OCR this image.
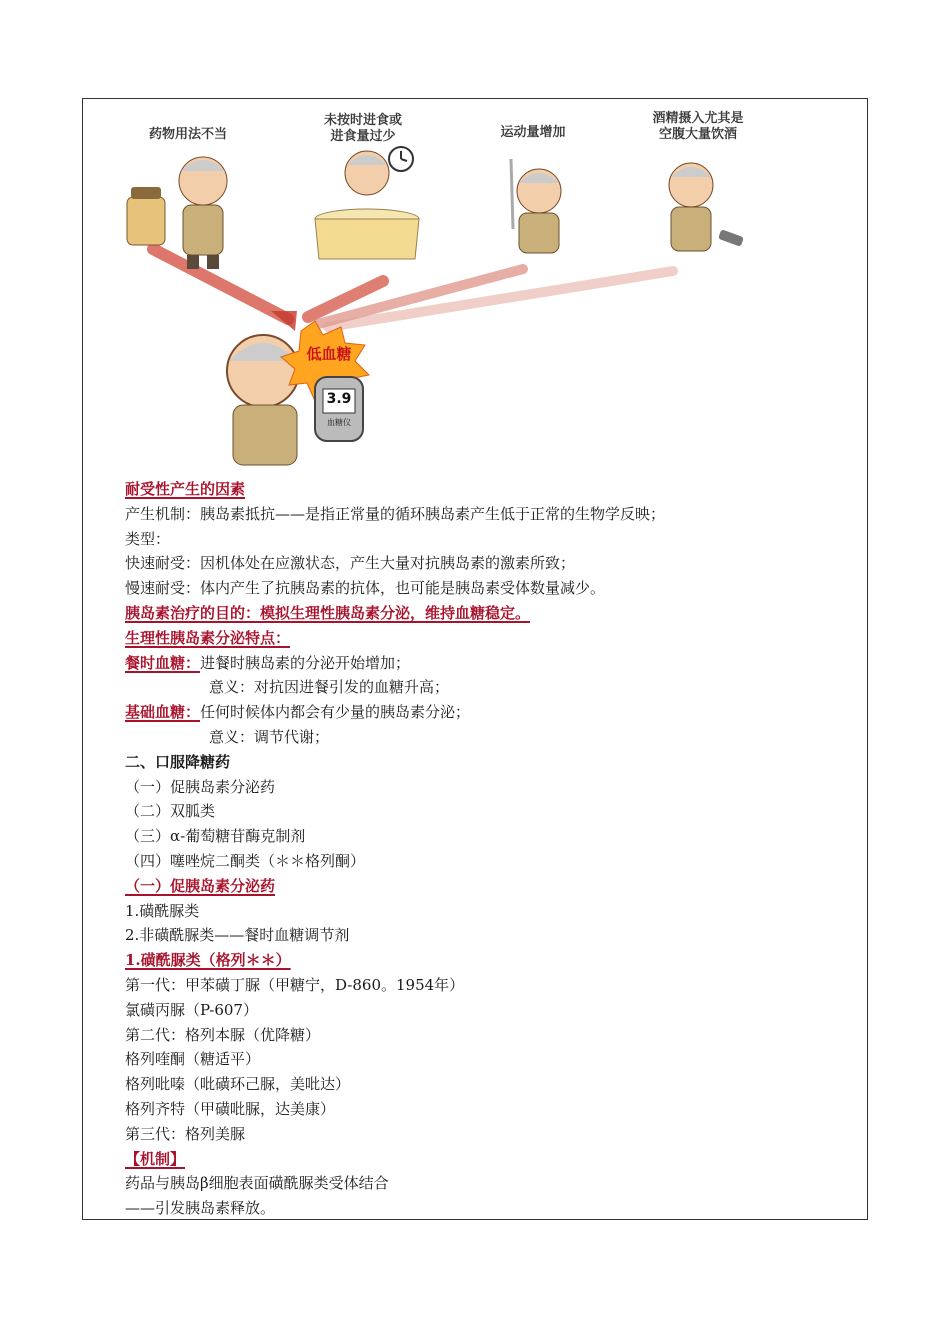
药物用法不当
未按时进食或
进食量过少	运动量增加
酒精摄入尤其是
空腹大量饮酒
低血糖
3.9
血糖仪
耐受性产生的因素
产生机制：胰岛素抵抗——是指正常量的循环胰岛素产生低于正常的生物学反映；
类型：
快速耐受：因机体处在应激状态，产生大量对抗胰岛素的激素所致；
慢速耐受：体内产生了抗胰岛素的抗体，也可能是胰岛素受体数量减少。
胰岛素治疗的目的：模拟生理性胰岛素分泌，维持血糖稳定。
生理性胰岛素分泌特点：
餐时血糖：进餐时胰岛素的分泌开始增加；
意义：对抗因进餐引发的血糖升高；
基础血糖：任何时候体内都会有少量的胰岛素分泌；
意义：调节代谢；
二、口服降糖药
（一）促胰岛素分泌药
（二）双胍类
（三）α-葡萄糖苷酶克制剂
（四）噻唑烷二酮类（＊＊格列酮）
（一）促胰岛素分泌药
1.磺酰脲类
2.非磺酰脲类——餐时血糖调节剂
1.磺酰脲类（格列＊＊）
第一代：甲苯磺丁脲（甲糖宁，D-860。1954年）
氯磺丙脲（P-607）
第二代：格列本脲（优降糖）
格列喹酮（糖适平）
格列吡嗪（吡磺环己脲，美吡达）
格列齐特（甲磺吡脲，达美康）
第三代：格列美脲
【机制】
药品与胰岛β细胞表面磺酰脲类受体结合
——引发胰岛素释放。
